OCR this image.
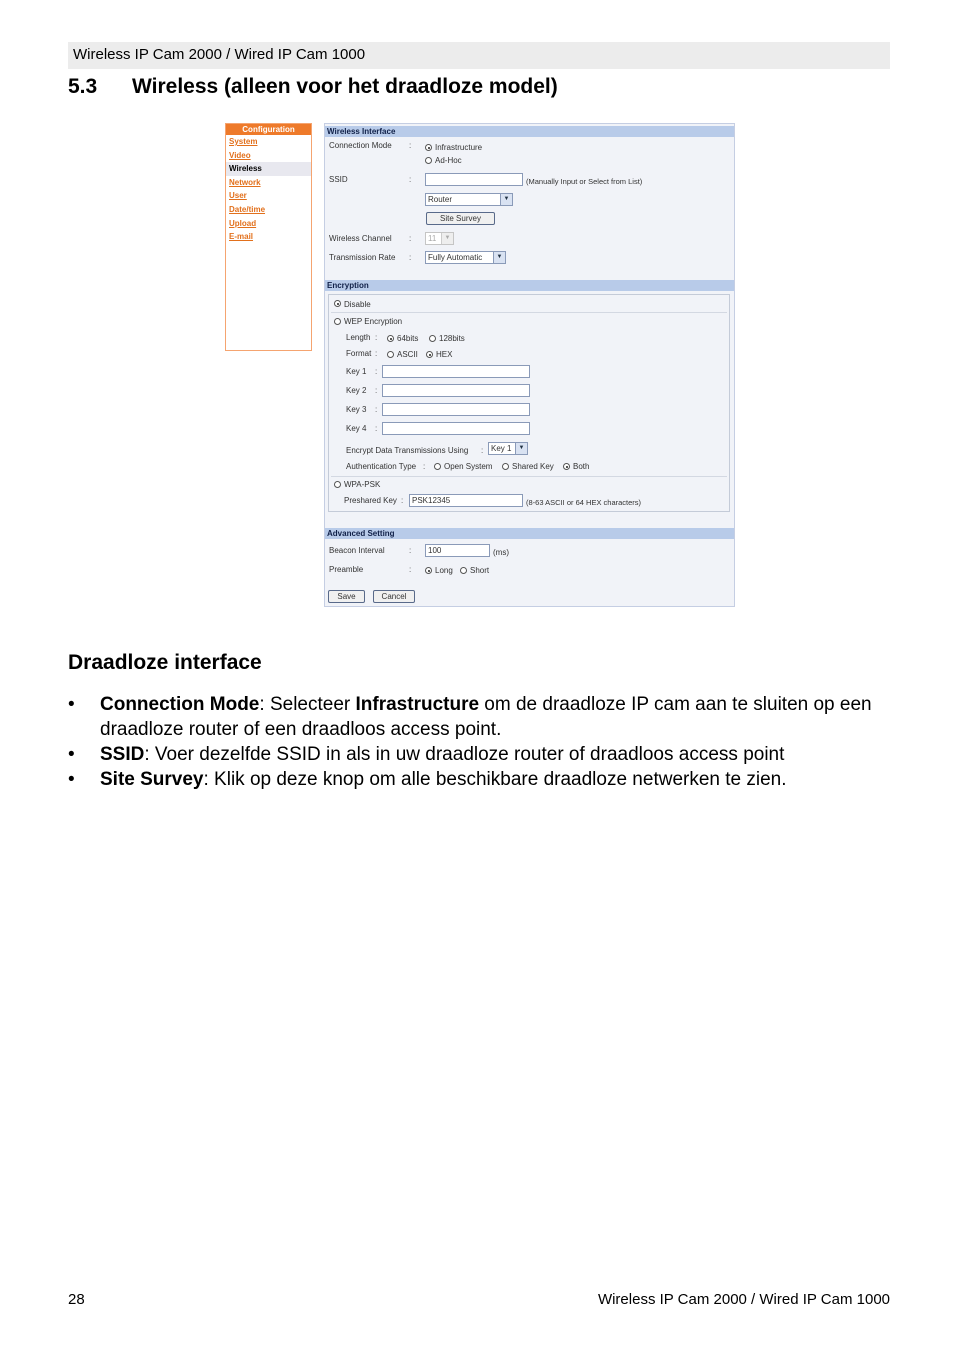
Wireless IP Cam 2000 / Wired IP Cam 1000
5.3 Wireless (alleen voor het draadloze model)
Configuration
System
Video
Wireless
Network
User
Date/time
Upload
E-mail
Wireless Interface
Connection Mode :	Infrastructure
Ad-Hoc
SSID	:	(Manually Input or Select from List)
Router	▼
Site Survey
Wireless Channel :	11	▼
Transmission Rate :	Fully Automatic	▼
Encryption
Disable
WEP Encryption
Length : 64bits	128bits
Format : ASCII HEX
Key 1 :
Key 2 :
Key 3 :
Key 4 :
Encrypt Data Transmissions Using : Key 1	▼
Authentication Type : Open System Shared Key Both
WPA-PSK
Preshared Key :	PSK12345	(8-63 ASCII or 64 HEX characters)
Advanced Setting
Beacon Interval	:	100	(ms)
Preamble	:	Long Short
Save	Cancel
Draadloze interface
• Connection Mode: Selecteer Infrastructure om de draadloze IP cam aan te sluiten op een draadloze router of een draadloos access point.
• SSID: Voer dezelfde SSID in als in uw draadloze router of draadloos access point
• Site Survey: Klik op deze knop om alle beschikbare draadloze netwerken te zien.
28	Wireless IP Cam 2000 / Wired IP Cam 1000
